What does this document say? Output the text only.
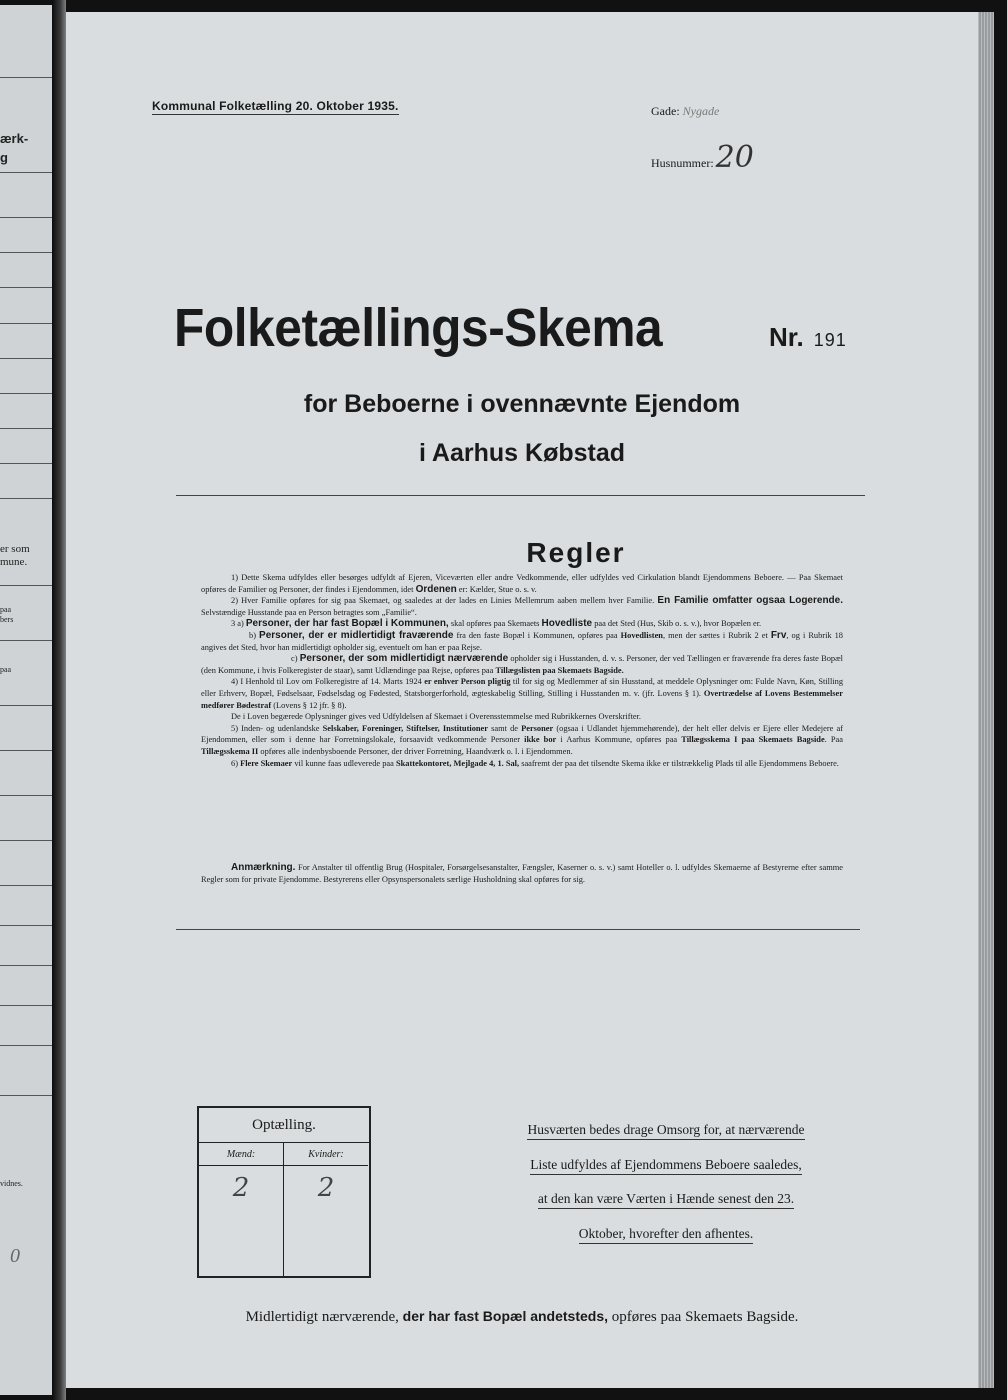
ærk-
g
er som
mune.
paa
bers
paa
vidnes.
0
Kommunal Folketælling 20. Oktober 1935.	Gade: Nygade
Husnummer:20
Folketællings-Skema	Nr. 191
for Beboerne i ovennævnte Ejendom
i Aarhus Købstad
Regler

1) Dette Skema udfyldes eller besørges udfyldt af Ejeren, Viceværten eller andre Vedkommende, eller udfyldes ved Cirkulation blandt Ejendommens Beboere. — Paa Skemaet opføres de Familier og Personer, der findes i Ejendommen, idet Ordenen er: Kælder, Stue o. s. v.

2) Hver Familie opføres for sig paa Skemaet, og saaledes at der lades en Linies Mellemrum aaben mellem hver Familie. En Familie omfatter ogsaa Logerende. Selvstændige Husstande paa en Person betragtes som „Familie“.

3 a) Personer, der har fast Bopæl i Kommunen, skal opføres paa Skemaets Hovedliste paa det Sted (Hus, Skib o. s. v.), hvor Bopælen er.

b) Personer, der er midlertidigt fraværende fra den faste Bopæl i Kommunen, opføres paa Hovedlisten, men der sættes i Rubrik 2 et Frv, og i Rubrik 18 angives det Sted, hvor han midlertidigt opholder sig, eventuelt om han er paa Rejse.

c) Personer, der som midlertidigt nærværende opholder sig i Husstanden, d. v. s. Personer, der ved Tællingen er fraværende fra deres faste Bopæl (den Kommune, i hvis Folkeregister de staar), samt Udlændinge paa Rejse, opføres paa Tillægslisten paa Skemaets Bagside.

4) I Henhold til Lov om Folkeregistre af 14. Marts 1924 er enhver Person pligtig til for sig og Medlemmer af sin Husstand, at meddele Oplysninger om: Fulde Navn, Køn, Stilling eller Erhverv, Bopæl, Fødselsaar, Fødselsdag og Fødested, Statsborgerforhold, ægteskabelig Stilling, Stilling i Husstanden m. v. (jfr. Lovens § 1). Overtrædelse af Lovens Bestemmelser medfører Bødestraf (Lovens § 12 jfr. § 8).

De i Loven begærede Oplysninger gives ved Udfyldelsen af Skemaet i Overensstemmelse med Rubrikkernes Overskrifter.

5) Inden- og udenlandske Selskaber, Foreninger, Stiftelser, Institutioner samt de Personer (ogsaa i Udlandet hjemmehørende), der helt eller delvis er Ejere eller Medejere af Ejendommen, eller som i denne har Forretningslokale, forsaavidt vedkommende Personer ikke bor i Aarhus Kommune, opføres paa Tillægsskema I paa Skemaets Bagside. Paa Tillægsskema II opføres alle indenbysboende Personer, der driver Forretning, Haandværk o. l. i Ejendommen.

6) Flere Skemaer vil kunne faas udleverede paa Skattekontoret, Mejlgade 4, 1. Sal, saafremt der paa det tilsendte Skema ikke er tilstrækkelig Plads til alle Ejendommens Beboere.

Anmærkning. For Anstalter til offentlig Brug (Hospitaler, Forsørgelsesanstalter, Fængsler, Kaserner o. s. v.) samt Hoteller o. l. udfyldes Skemaerne af Bestyrerne efter samme Regler som for private Ejendomme. Bestyrerens eller Opsynspersonalets særlige Husholdning skal opføres for sig.

Optælling.
Mænd:
2
Kvinder:
2
Husværten bedes drage Omsorg for, at nærværende
Liste udfyldes af Ejendommens Beboere saaledes,
at den kan være Værten i Hænde senest den 23.
Oktober, hvorefter den afhentes.
Midlertidigt nærværende, der har fast Bopæl andetsteds, opføres paa Skemaets Bagside.
